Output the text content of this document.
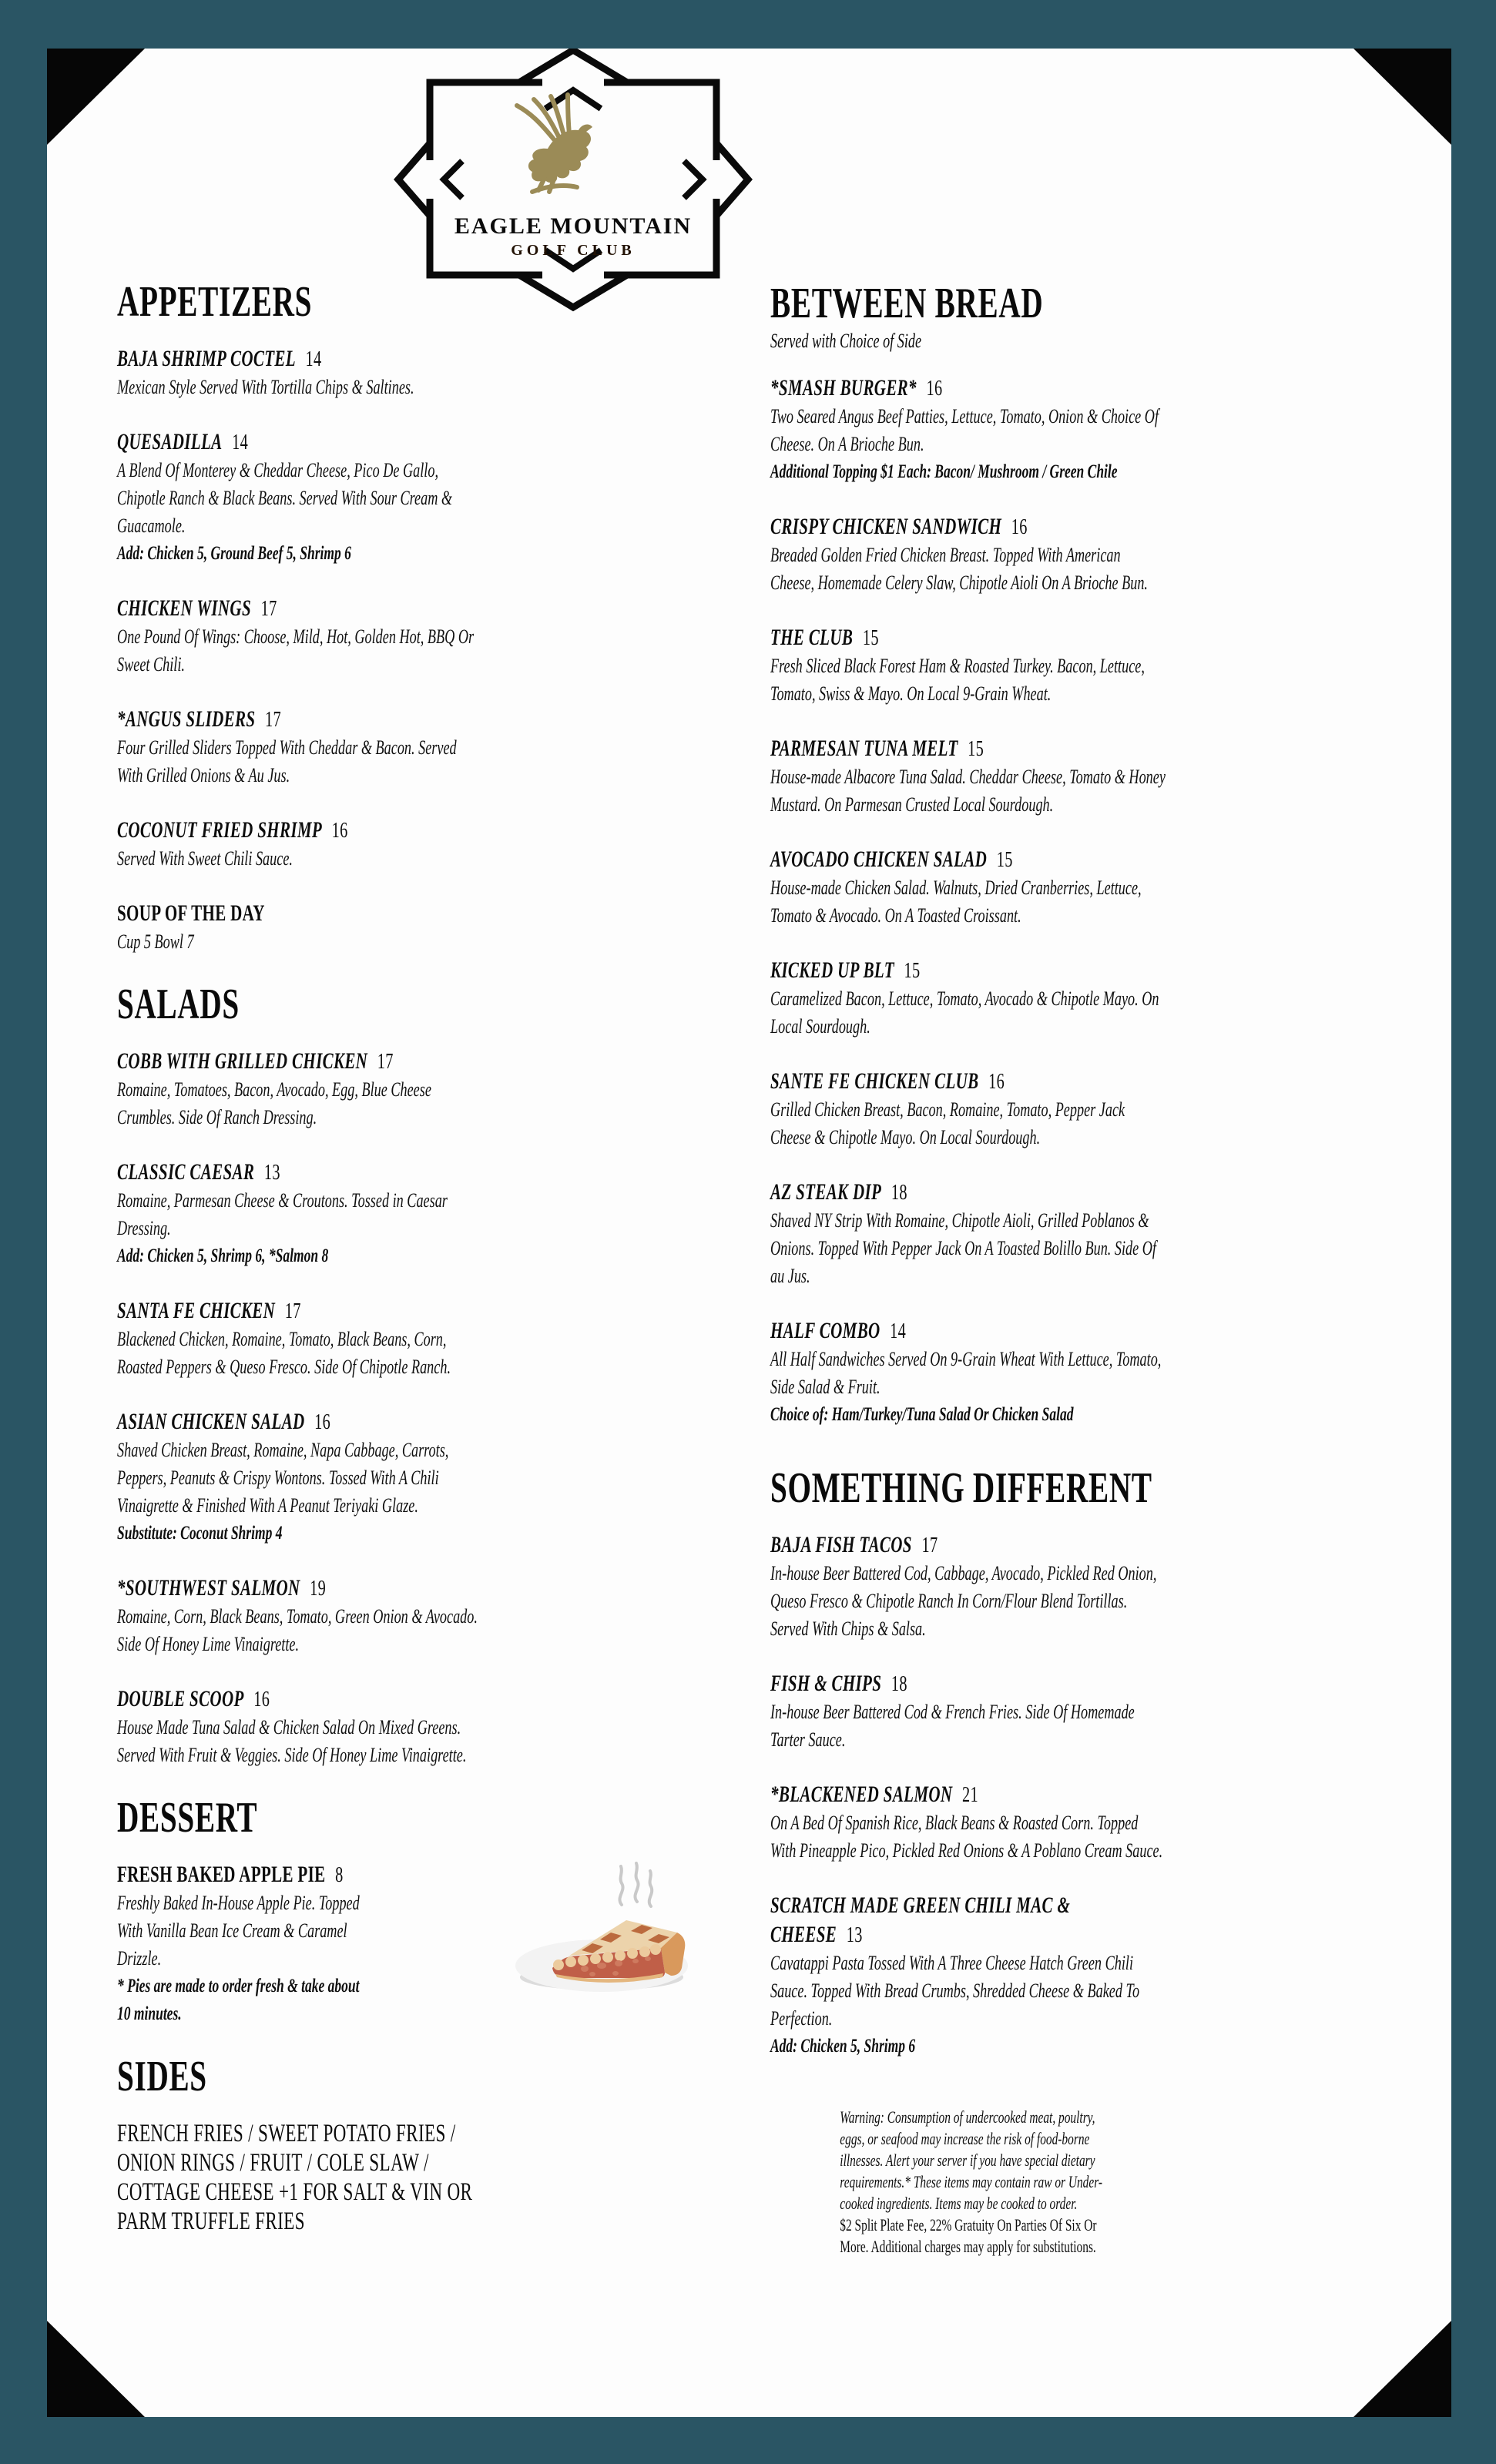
EAGLE MOUNTAIN
GOLF CLUB
APPETIZERS
BAJA SHRIMP COCTEL 14
Mexican Style Served With Tortilla Chips & Saltines.
QUESADILLA 14
A Blend Of Monterey & Cheddar Cheese, Pico De Gallo, Chipotle Ranch & Black Beans. Served With Sour Cream & Guacamole.
Add: Chicken 5, Ground Beef 5, Shrimp 6
CHICKEN WINGS 17
One Pound Of Wings: Choose, Mild, Hot, Golden Hot, BBQ Or Sweet Chili.
*ANGUS SLIDERS 17
Four Grilled Sliders Topped With Cheddar & Bacon. Served With Grilled Onions & Au Jus.
COCONUT FRIED SHRIMP 16
Served With Sweet Chili Sauce.
SOUP OF THE DAY
Cup 5 Bowl 7
SALADS
COBB WITH GRILLED CHICKEN 17
Romaine, Tomatoes, Bacon, Avocado, Egg, Blue Cheese Crumbles. Side Of Ranch Dressing.
CLASSIC CAESAR 13
Romaine, Parmesan Cheese & Croutons. Tossed in Caesar Dressing.
Add: Chicken 5, Shrimp 6, *Salmon 8
SANTA FE CHICKEN 17
Blackened Chicken, Romaine, Tomato, Black Beans, Corn, Roasted Peppers & Queso Fresco. Side Of Chipotle Ranch.
ASIAN CHICKEN SALAD 16
Shaved Chicken Breast, Romaine, Napa Cabbage, Carrots, Peppers, Peanuts & Crispy Wontons. Tossed With A Chili Vinaigrette & Finished With A Peanut Teriyaki Glaze.
Substitute: Coconut Shrimp 4
*SOUTHWEST SALMON 19
Romaine, Corn, Black Beans, Tomato, Green Onion & Avocado. Side Of Honey Lime Vinaigrette.
DOUBLE SCOOP 16
House Made Tuna Salad & Chicken Salad On Mixed Greens. Served With Fruit & Veggies. Side Of Honey Lime Vinaigrette.
DESSERT
FRESH BAKED APPLE PIE 8
Freshly Baked In-House Apple Pie. Topped With Vanilla Bean Ice Cream & Caramel Drizzle.
* Pies are made to order fresh & take about 10 minutes.
SIDES
FRENCH FRIES / SWEET POTATO FRIES / ONION RINGS / FRUIT / COLE SLAW / COTTAGE CHEESE +1 FOR SALT & VIN OR PARM TRUFFLE FRIES
BETWEEN BREAD
Served with Choice of Side
*SMASH BURGER* 16
Two Seared Angus Beef Patties, Lettuce, Tomato, Onion & Choice Of Cheese. On A Brioche Bun.
Additional Topping $1 Each: Bacon/ Mushroom / Green Chile
CRISPY CHICKEN SANDWICH 16
Breaded Golden Fried Chicken Breast. Topped With American Cheese, Homemade Celery Slaw, Chipotle Aioli On A Brioche Bun.
THE CLUB 15
Fresh Sliced Black Forest Ham & Roasted Turkey. Bacon, Lettuce, Tomato, Swiss & Mayo. On Local 9-Grain Wheat.
PARMESAN TUNA MELT 15
House-made Albacore Tuna Salad. Cheddar Cheese, Tomato & Honey Mustard. On Parmesan Crusted Local Sourdough.
AVOCADO CHICKEN SALAD 15
House-made Chicken Salad. Walnuts, Dried Cranberries, Lettuce, Tomato & Avocado. On A Toasted Croissant.
KICKED UP BLT 15
Caramelized Bacon, Lettuce, Tomato, Avocado & Chipotle Mayo. On Local Sourdough.
SANTE FE CHICKEN CLUB 16
Grilled Chicken Breast, Bacon, Romaine, Tomato, Pepper Jack Cheese & Chipotle Mayo. On Local Sourdough.
AZ STEAK DIP 18
Shaved NY Strip With Romaine, Chipotle Aioli, Grilled Poblanos & Onions. Topped With Pepper Jack On A Toasted Bolillo Bun. Side Of au Jus.
HALF COMBO 14
All Half Sandwiches Served On 9-Grain Wheat With Lettuce, Tomato, Side Salad & Fruit.
Choice of: Ham/Turkey/Tuna Salad Or Chicken Salad
SOMETHING DIFFERENT
BAJA FISH TACOS 17
In-house Beer Battered Cod, Cabbage, Avocado, Pickled Red Onion, Queso Fresco & Chipotle Ranch In Corn/Flour Blend Tortillas. Served With Chips & Salsa.
FISH & CHIPS 18
In-house Beer Battered Cod & French Fries. Side Of Homemade Tarter Sauce.
*BLACKENED SALMON 21
On A Bed Of Spanish Rice, Black Beans & Roasted Corn. Topped With Pineapple Pico, Pickled Red Onions & A Poblano Cream Sauce.
SCRATCH MADE GREEN CHILI MAC & CHEESE 13
Cavatappi Pasta Tossed With A Three Cheese Hatch Green Chili Sauce. Topped With Bread Crumbs, Shredded Cheese & Baked To Perfection.
Add: Chicken 5, Shrimp 6
Warning: Consumption of undercooked meat, poultry, eggs, or seafood may increase the risk of food-borne illnesses. Alert your server if you have special dietary requirements.* These items may contain raw or Under-cooked ingredients. Items may be cooked to order.
$2 Split Plate Fee, 22% Gratuity On Parties Of Six Or More. Additional charges may apply for substitutions.
